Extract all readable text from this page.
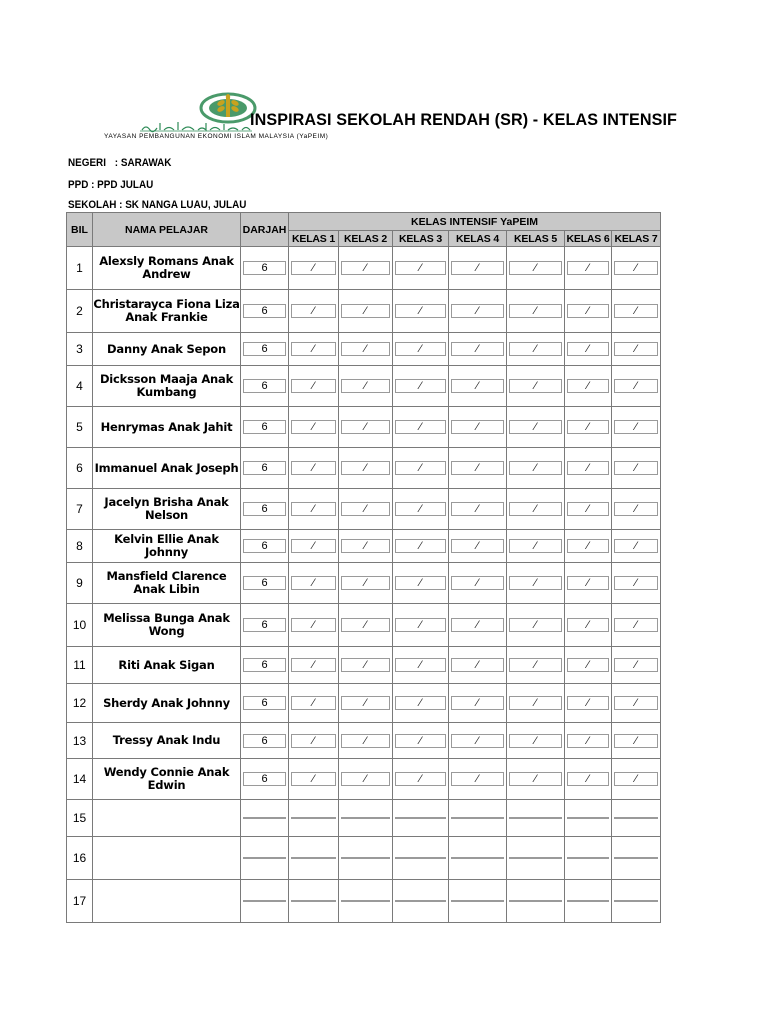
YAYASAN PEMBANGUNAN EKONOMI ISLAM MALAYSIA (YaPEIM)
INSPIRASI SEKOLAH RENDAH (SR) - KELAS INTENSIF
NEGERI : SARAWAK
PPD : PPD JULAU
SEKOLAH : SK NANGA LUAU, JULAU
BIL	NAMA PELAJAR	DARJAH	KELAS INTENSIF YaPEIM						
			KELAS 1	KELAS 2	KELAS 3	KELAS 4	KELAS 5	KELAS 6	KELAS 7
1	Alexsly Romans Anak Andrew	6	⁄	⁄	⁄	⁄	⁄	⁄	⁄

2	Christarayca Fiona Liza Anak Frankie	6	⁄	⁄	⁄	⁄	⁄	⁄	⁄

3	Danny Anak Sepon	6	⁄	⁄	⁄	⁄	⁄	⁄	⁄

4	Dicksson Maaja Anak Kumbang	6	⁄	⁄	⁄	⁄	⁄	⁄	⁄

5	Henrymas Anak Jahit	6	⁄	⁄	⁄	⁄	⁄	⁄	⁄

6	Immanuel Anak Joseph	6	⁄	⁄	⁄	⁄	⁄	⁄	⁄

7	Jacelyn Brisha Anak Nelson	6	⁄	⁄	⁄	⁄	⁄	⁄	⁄

8	Kelvin Ellie Anak Johnny	6	⁄	⁄	⁄	⁄	⁄	⁄	⁄

9	Mansfield Clarence Anak Libin	6	⁄	⁄	⁄	⁄	⁄	⁄	⁄

10	Melissa Bunga Anak Wong	6	⁄	⁄	⁄	⁄	⁄	⁄	⁄

11	Riti Anak Sigan	6	⁄	⁄	⁄	⁄	⁄	⁄	⁄

12	Sherdy Anak Johnny	6	⁄	⁄	⁄	⁄	⁄	⁄	⁄

13	Tressy Anak Indu	6	⁄	⁄	⁄	⁄	⁄	⁄	⁄

14	Wendy Connie Anak Edwin	6	⁄	⁄	⁄	⁄	⁄	⁄	⁄

15		

16		

17		
